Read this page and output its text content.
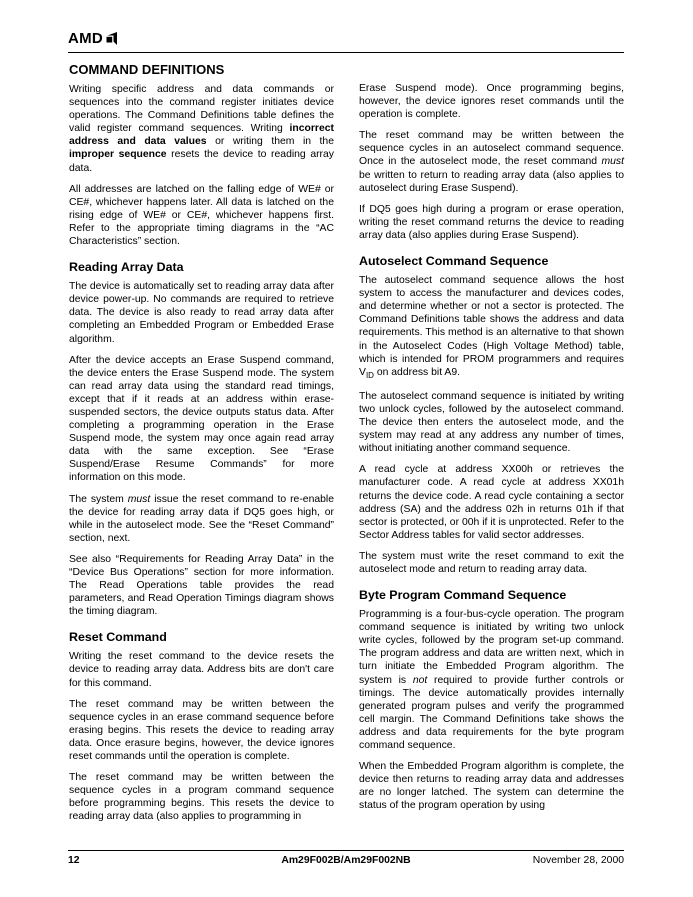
AMD
COMMAND DEFINITIONS

Writing specific address and data commands or sequences into the command register initiates device operations. The Command Definitions table defines the valid register command sequences. Writing incorrect address and data values or writing them in the improper sequence resets the device to reading array data.

All addresses are latched on the falling edge of WE# or CE#, whichever happens later. All data is latched on the rising edge of WE# or CE#, whichever happens first. Refer to the appropriate timing diagrams in the “AC Characteristics” section.

Reading Array Data

The device is automatically set to reading array data after device power-up. No commands are required to retrieve data. The device is also ready to read array data after completing an Embedded Program or Embedded Erase algorithm.

After the device accepts an Erase Suspend command, the device enters the Erase Suspend mode. The system can read array data using the standard read timings, except that if it reads at an address within erase-suspended sectors, the device outputs status data. After completing a programming operation in the Erase Suspend mode, the system may once again read array data with the same exception. See “Erase Suspend/Erase Resume Commands” for more information on this mode.

The system must issue the reset command to re-enable the device for reading array data if DQ5 goes high, or while in the autoselect mode. See the “Reset Command” section, next.

See also “Requirements for Reading Array Data” in the “Device Bus Operations” section for more information. The Read Operations table provides the read parameters, and Read Operation Timings diagram shows the timing diagram.

Reset Command

Writing the reset command to the device resets the device to reading array data. Address bits are don't care for this command.

The reset command may be written between the sequence cycles in an erase command sequence before erasing begins. This resets the device to reading array data. Once erasure begins, however, the device ignores reset commands until the operation is complete.

The reset command may be written between the sequence cycles in a program command sequence before programming begins. This resets the device to reading array data (also applies to programming in

Erase Suspend mode). Once programming begins, however, the device ignores reset commands until the operation is complete.

The reset command may be written between the sequence cycles in an autoselect command sequence. Once in the autoselect mode, the reset command must be written to return to reading array data (also applies to autoselect during Erase Suspend).

If DQ5 goes high during a program or erase operation, writing the reset command returns the device to reading array data (also applies during Erase Suspend).

Autoselect Command Sequence

The autoselect command sequence allows the host system to access the manufacturer and devices codes, and determine whether or not a sector is protected. The Command Definitions table shows the address and data requirements. This method is an alternative to that shown in the Autoselect Codes (High Voltage Method) table, which is intended for PROM programmers and requires $V_{ID}$ on address bit A9.

The autoselect command sequence is initiated by writing two unlock cycles, followed by the autoselect command. The device then enters the autoselect mode, and the system may read at any address any number of times, without initiating another command sequence.

A read cycle at address XX00h or retrieves the manufacturer code. A read cycle at address XX01h returns the device code. A read cycle containing a sector address (SA) and the address 02h in returns 01h if that sector is protected, or 00h if it is unprotected. Refer to the Sector Address tables for valid sector addresses.

The system must write the reset command to exit the autoselect mode and return to reading array data.

Byte Program Command Sequence

Programming is a four-bus-cycle operation. The program command sequence is initiated by writing two unlock write cycles, followed by the program set-up command. The program address and data are written next, which in turn initiate the Embedded Program algorithm. The system is not required to provide further controls or timings. The device automatically provides internally generated program pulses and verify the programmed cell margin. The Command Definitions take shows the address and data requirements for the byte program command sequence.

When the Embedded Program algorithm is complete, the device then returns to reading array data and addresses are no longer latched. The system can determine the status of the program operation by using

12	Am29F002B/Am29F002NB	November 28, 2000
